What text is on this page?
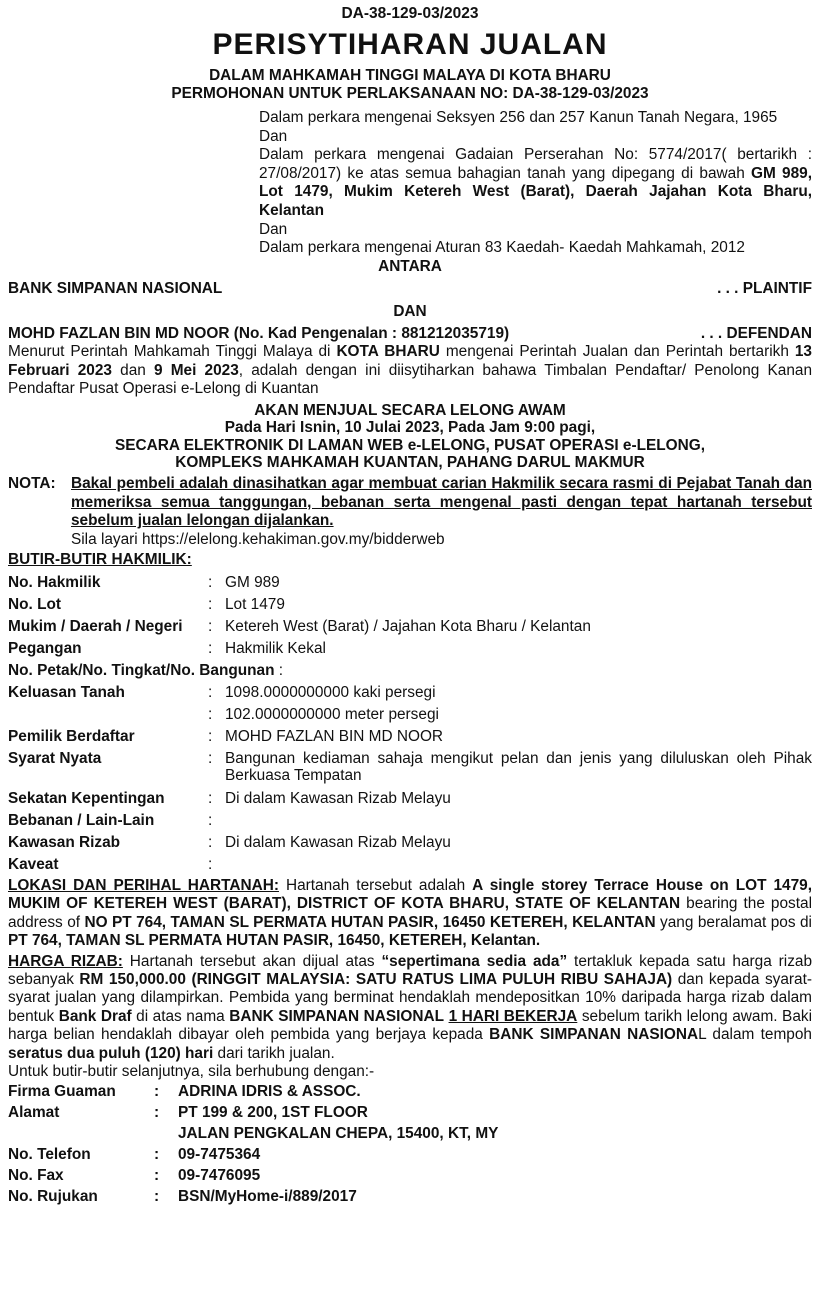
DA-38-129-03/2023
PERISYTIHARAN JUALAN
DALAM MAHKAMAH TINGGI MALAYA DI KOTA BHARU
PERMOHONAN UNTUK PERLAKSANAAN NO: DA-38-129-03/2023
Dalam perkara mengenai Seksyen 256 dan 257 Kanun Tanah Negara, 1965
Dan
Dalam perkara mengenai Gadaian Perserahan No: 5774/2017( bertarikh : 27/08/2017) ke atas semua bahagian tanah yang dipegang di bawah GM 989, Lot 1479, Mukim Ketereh West (Barat), Daerah Jajahan Kota Bharu, Kelantan
Dan
Dalam perkara mengenai Aturan 83 Kaedah- Kaedah Mahkamah, 2012
ANTARA
BANK SIMPANAN NASIONAL	. . . PLAINTIF
DAN
MOHD FAZLAN BIN MD NOOR (No. Kad Pengenalan : 881212035719)	. . . DEFENDAN
Menurut Perintah Mahkamah Tinggi Malaya di KOTA BHARU mengenai Perintah Jualan dan Perintah bertarikh 13 Februari 2023 dan 9 Mei 2023, adalah dengan ini diisytiharkan bahawa Timbalan Pendaftar/ Penolong Kanan Pendaftar Pusat Operasi e-Lelong di Kuantan
AKAN MENJUAL SECARA LELONG AWAM
Pada Hari Isnin, 10 Julai 2023, Pada Jam 9:00 pagi,
SECARA ELEKTRONIK DI LAMAN WEB e-LELONG, PUSAT OPERASI e-LELONG,
KOMPLEKS MAHKAMAH KUANTAN, PAHANG DARUL MAKMUR
NOTA:	Bakal pembeli adalah dinasihatkan agar membuat carian Hakmilik secara rasmi di Pejabat Tanah dan memeriksa semua tanggungan, bebanan serta mengenal pasti dengan tepat hartanah tersebut sebelum jualan lelongan dijalankan.
Sila layari https://elelong.kehakiman.gov.my/bidderweb
BUTIR-BUTIR HAKMILIK:
No. Hakmilik	:	GM 989
No. Lot	:	Lot 1479
Mukim / Daerah / Negeri	:	Ketereh West (Barat) / Jajahan Kota Bharu / Kelantan
Pegangan	:	Hakmilik Kekal
No. Petak/No. Tingkat/No. Bangunan :		
Keluasan Tanah	:	1098.0000000000 kaki persegi
	:	102.0000000000 meter persegi
Pemilik Berdaftar	:	MOHD FAZLAN BIN MD NOOR
Syarat Nyata	:	Bangunan kediaman sahaja mengikut pelan dan jenis yang diluluskan oleh Pihak Berkuasa Tempatan
Sekatan Kepentingan	:	Di dalam Kawasan Rizab Melayu
Bebanan / Lain-Lain	:	
Kawasan Rizab	:	Di dalam Kawasan Rizab Melayu
Kaveat	:	
LOKASI DAN PERIHAL HARTANAH: Hartanah tersebut adalah A single storey Terrace House on LOT 1479, MUKIM OF KETEREH WEST (BARAT), DISTRICT OF KOTA BHARU, STATE OF KELANTAN bearing the postal address of NO PT 764, TAMAN SL PERMATA HUTAN PASIR, 16450 KETEREH, KELANTAN yang beralamat pos di PT 764, TAMAN SL PERMATA HUTAN PASIR, 16450, KETEREH, Kelantan.
HARGA RIZAB: Hartanah tersebut akan dijual atas “sepertimana sedia ada” tertakluk kepada satu harga rizab sebanyak RM 150,000.00 (RINGGIT MALAYSIA: SATU RATUS LIMA PULUH RIBU SAHAJA) dan kepada syarat-syarat jualan yang dilampirkan. Pembida yang berminat hendaklah mendepositkan 10% daripada harga rizab dalam bentuk Bank Draf di atas nama BANK SIMPANAN NASIONAL 1 HARI BEKERJA sebelum tarikh lelong awam. Baki harga belian hendaklah dibayar oleh pembida yang berjaya kepada BANK SIMPANAN NASIONAL dalam tempoh seratus dua puluh (120) hari dari tarikh jualan.
Untuk butir-butir selanjutnya, sila berhubung dengan:-
Firma Guaman	:	ADRINA IDRIS & ASSOC.
Alamat	:	PT 199 & 200, 1ST FLOOR
		JALAN PENGKALAN CHEPA, 15400, KT, MY
No. Telefon	:	09-7475364
No. Fax	:	09-7476095
No. Rujukan	:	BSN/MyHome-i/889/2017
